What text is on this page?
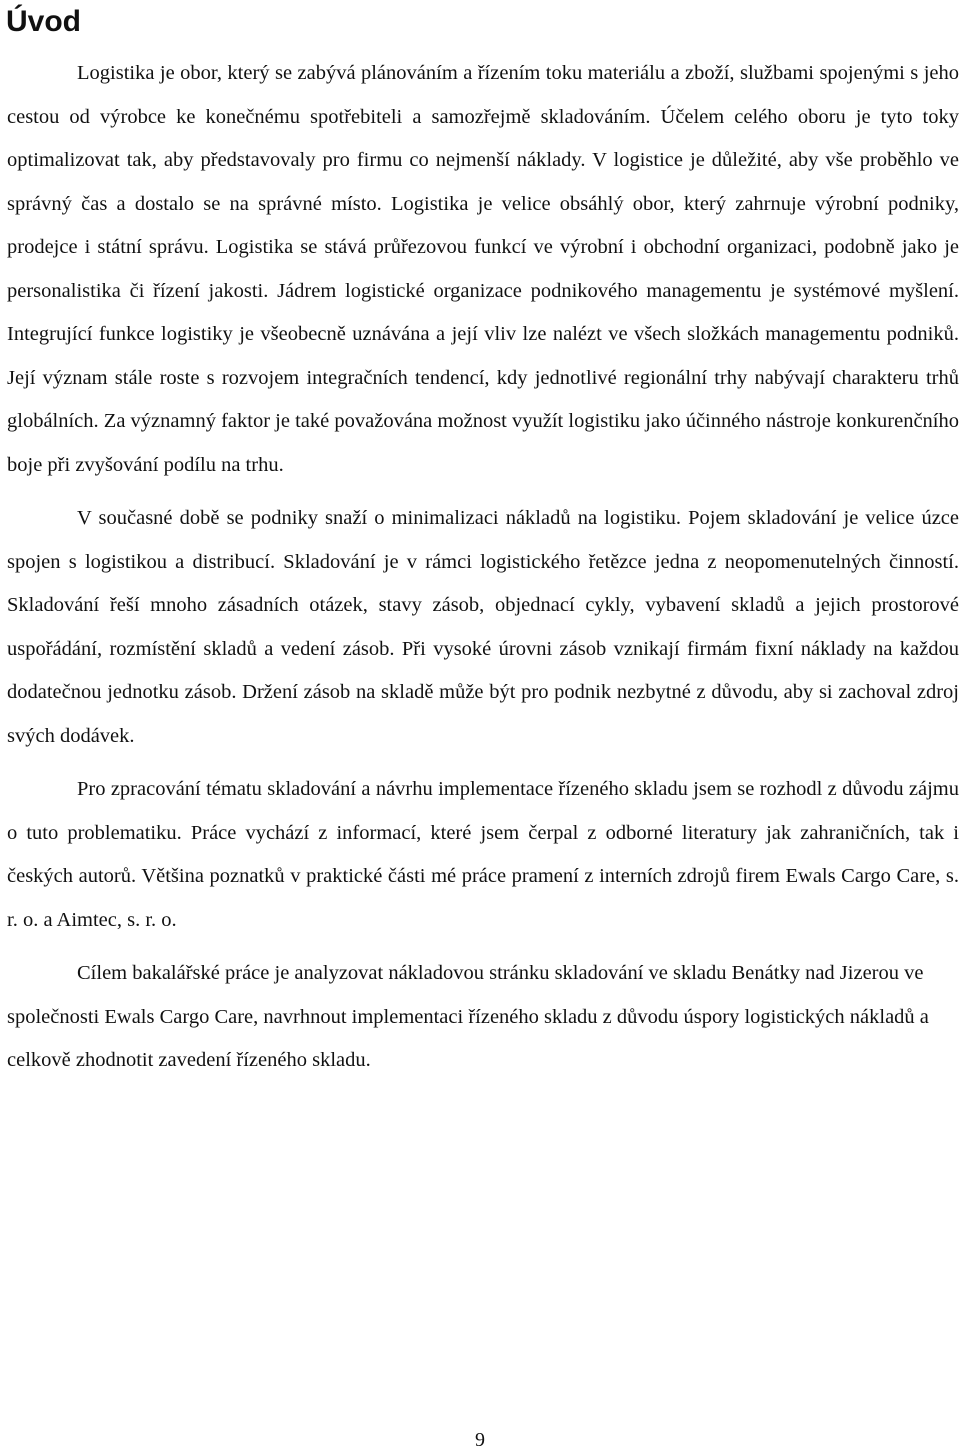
Úvod

Logistika je obor, který se zabývá plánováním a řízením toku materiálu a zboží, službami spojenými s jeho cestou od výrobce ke konečnému spotřebiteli a samozřejmě skladováním. Účelem celého oboru je tyto toky optimalizovat tak, aby představovaly pro firmu co nejmenší náklady. V logistice je důležité, aby vše proběhlo ve správný čas a dostalo se na správné místo. Logistika je velice obsáhlý obor, který zahrnuje výrobní podniky, prodejce i státní správu. Logistika se stává průřezovou funkcí ve výrobní i obchodní organizaci, podobně jako je personalistika či řízení jakosti. Jádrem logistické organizace podnikového managementu je systémové myšlení. Integrující funkce logistiky je všeobecně uznávána a její vliv lze nalézt ve všech složkách managementu podniků. Její význam stále roste s rozvojem integračních tendencí, kdy jednotlivé regionální trhy nabývají charakteru trhů globálních. Za významný faktor je také považována možnost využít logistiku jako účinného nástroje konkurenčního boje při zvyšování podílu na trhu.

V současné době se podniky snaží o minimalizaci nákladů na logistiku. Pojem skladování je velice úzce spojen s logistikou a distribucí. Skladování je v rámci logistického řetězce jedna z neopomenutelných činností. Skladování řeší mnoho zásadních otázek, stavy zásob, objednací cykly, vybavení skladů a jejich prostorové uspořádání, rozmístění skladů a vedení zásob. Při vysoké úrovni zásob vznikají firmám fixní náklady na každou dodatečnou jednotku zásob. Držení zásob na skladě může být pro podnik nezbytné z důvodu, aby si zachoval zdroj svých dodávek.

Pro zpracování tématu skladování a návrhu implementace řízeného skladu jsem se rozhodl z důvodu zájmu o tuto problematiku. Práce vychází z informací, které jsem čerpal z odborné literatury jak zahraničních, tak i českých autorů. Většina poznatků v praktické části mé práce pramení z interních zdrojů firem Ewals Cargo Care, s. r. o. a Aimtec, s. r. o.

Cílem bakalářské práce je analyzovat nákladovou stránku skladování ve skladu Benátky nad Jizerou ve společnosti Ewals Cargo Care, navrhnout implementaci řízeného skladu z důvodu úspory logistických nákladů a celkově zhodnotit zavedení řízeného skladu.

9
